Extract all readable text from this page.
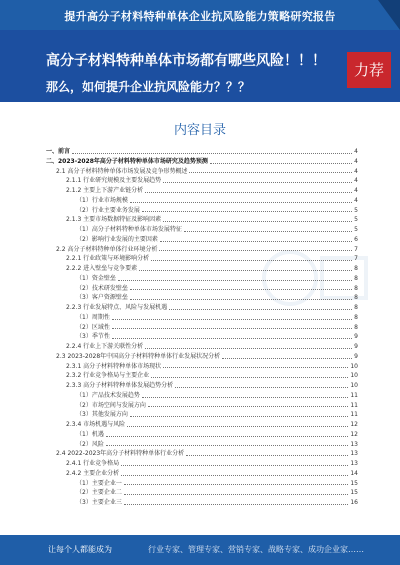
提升高分子材料特种单体企业抗风险能力策略研究报告
高分子材料特种单体市场都有哪些风险！！！
那么，如何提升企业抗风险能力？？？
力荐
内容目录
一、前言	4
二、2023-2028年高分子材料特种单体市场研究及趋势预测	4
2.1 高分子材料特种单体市场发展及竞争形势概述	4
2.1.1 行业研究规模及主要发展趋势	4
2.1.2 主要上下游产业链分析	4
（1）行业市场规模	4
（2）行业主要业务发展	5
2.1.3 主要市场数据特征及影响因素	5
（1）高分子材料特种单体市场发展特征	5
（2）影响行业发展的主要因素	6
2.2 高分子材料特种单体行业环境分析	7
2.2.1 行业政策与环境影响分析	7
2.2.2 进入壁垒与竞争要素	8
（1）资金壁垒	8
（2）技术研发壁垒	8
（3）客户资源壁垒	8
2.2.3 行业发展特点、风险与发展机遇	8
（1）周期性	8
（2）区域性	8
（3）季节性	9
2.2.4 行业上下游关联性分析	9
2.3 2023-2028年中国高分子材料特种单体行业发展状况分析	9
2.3.1 高分子材料特种单体市场现状	10
2.3.2 行业竞争格局与主要企业	10
2.3.3 高分子材料特种单体发展趋势分析	10
（1）产品技术发展趋势	11
（2）市场空间与发展方向	11
（3）其他发展方向	11
2.3.4 市场机遇与风险	12
（1）机遇	12
（2）风险	13
2.4 2022-2023年高分子材料特种单体行业分析	13
2.4.1 行业竞争格局	13
2.4.2 主要企业分析	14
（1）主要企业一	15
（2）主要企业二	15
（3）主要企业三	16
让每个人都能成为	行业专家、管理专家、营销专家、战略专家、成功企业家……
